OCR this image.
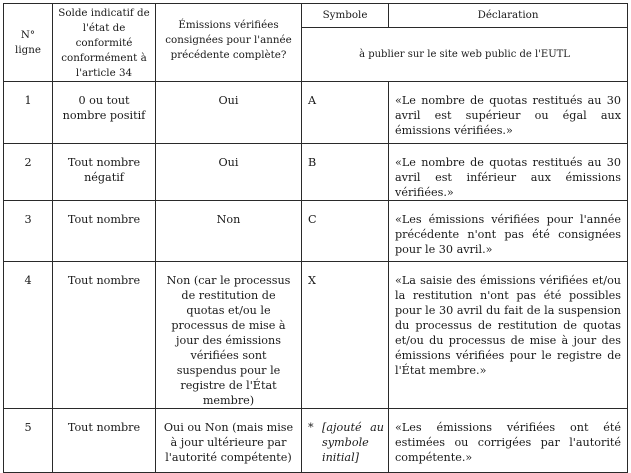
N° ligne	Solde indicatif de l'état de conformité conformément à l'article 34	Émissions vérifiées consignées pour l'année précédente complète?	Symbole	Déclaration
			à publier sur le site web public de l'EUTL	
1	0 ou tout nombre positif	Oui	A	«Le nombre de quotas restitués au 30 avril est supérieur ou égal aux émissions vérifiées.»
2	Tout nombre négatif	Oui	B	«Le nombre de quotas restitués au 30 avril est inférieur aux émissions vérifiées.»
3	Tout nombre	Non	C	«Les émissions vérifiées pour l'année précédente n'ont pas été consignées pour le 30 avril.»
4	Tout nombre	Non (car le processus de restitution de quotas et/ou le processus de mise à jour des émissions vérifiées sont suspendus pour le registre de l'État membre)	X	«La saisie des émissions vérifiées et/ou la restitution n'ont pas été possibles pour le 30 avril du fait de la suspension du processus de restitution de quotas et/ou du processus de mise à jour des émissions vérifiées pour le registre de l'État membre.»
5	Tout nombre	Oui ou Non (mais mise à jour ultérieure par l'autorité compétente)	* [ajouté au symbole initial]	«Les émissions vérifiées ont été estimées ou corrigées par l'autorité compétente.»
